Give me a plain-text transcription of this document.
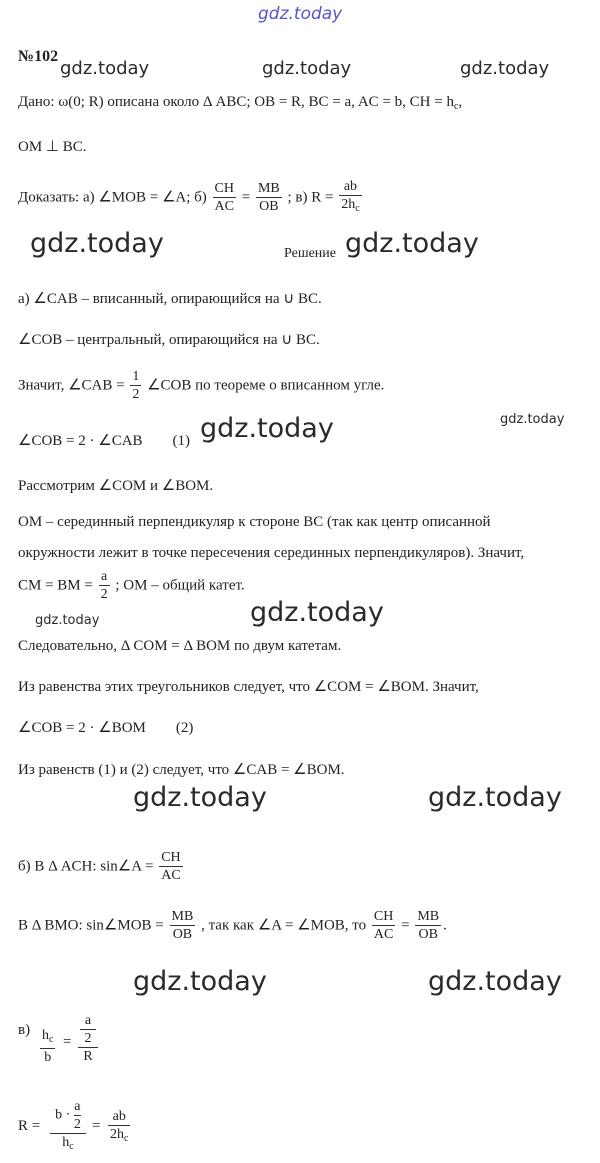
gdz.today
gdz.today	gdz.today	gdz.today
gdz.today	gdz.today
gdz.today
gdz.today
gdz.today
gdz.today
gdz.today	gdz.today
gdz.today	gdz.today
№102
Дано: ω(0; R) описана около Δ ABC; OB = R, BC = a, AC = b, CH = $h_c$,
OM ⊥ BC.
Доказать: а) ∠MOB = ∠A; $б) \frac{CH}{AC} = \frac{MB}{OB}$ ; в) $R = \frac{ab}{2h_c}$
Решение
а) ∠CAB – вписанный, опирающийся на ∪ BC.
∠COB – центральный, опирающийся на ∪ BC.
Значит, ∠CAB = $\frac{1}{2}$ ∠COB по теореме о вписанном угле.
∠COB = 2 · ∠CAB (1)
Рассмотрим ∠COM и ∠BOM.
OM – серединный перпендикуляр к стороне BC (так как центр описанной
окружности лежит в точке пересечения серединных перпендикуляров). Значит,
CM = BM = $\frac{a}{2}$ ; OM – общий катет.
Следовательно, Δ COM = Δ BOM по двум катетам.
Из равенства этих треугольников следует, что ∠COM = ∠BOM. Значит,
∠COB = 2 · ∠BOM (2)
Из равенств (1) и (2) следует, что ∠CAB = ∠BOM.
б) В Δ ACH: sin∠A = $\frac{CH}{AC}$
В Δ BMO: sin∠MOB = $\frac{MB}{OB}$ , так как ∠A = ∠MOB, то $\frac{CH}{AC} = \frac{MB}{OB}$ .
$в) \frac{h_c}{b}$ =
a
2
R
R =
$b \cdot \frac{a}{2}$
$h_c$
= $\frac{ab}{2h_c}$
